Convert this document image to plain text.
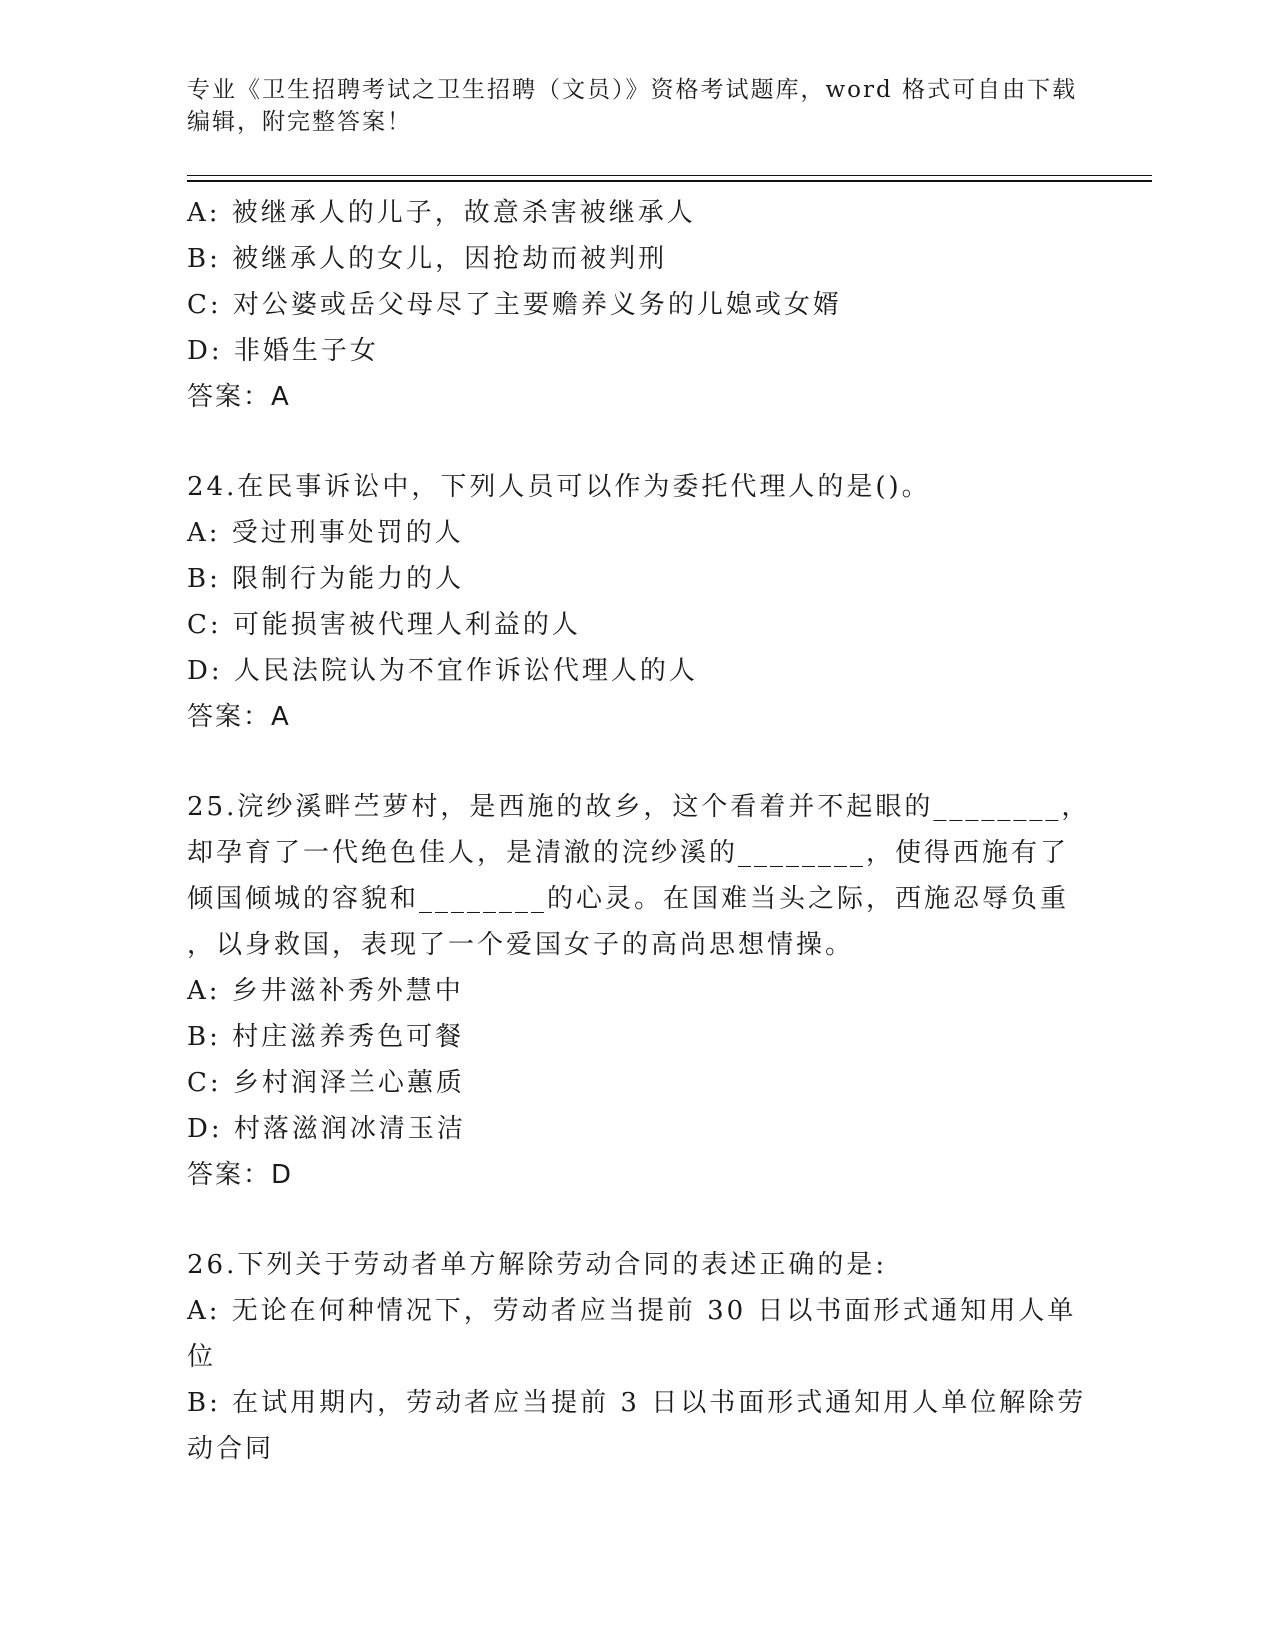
专业《卫生招聘考试之卫生招聘（文员）》资格考试题库，word 格式可自由下载
编辑，附完整答案！
A: 被继承人的儿子，故意杀害被继承人
B: 被继承人的女儿，因抢劫而被判刑
C: 对公婆或岳父母尽了主要赡养义务的儿媳或女婿
D: 非婚生子女
答案：A
24.在民事诉讼中，下列人员可以作为委托代理人的是()。
A: 受过刑事处罚的人
B: 限制行为能力的人
C: 可能损害被代理人利益的人
D: 人民法院认为不宜作诉讼代理人的人
答案：A
25.浣纱溪畔苎萝村，是西施的故乡，这个看着并不起眼的________，
却孕育了一代绝色佳人，是清澈的浣纱溪的________，使得西施有了
倾国倾城的容貌和________的心灵。在国难当头之际，西施忍辱负重
，以身救国，表现了一个爱国女子的高尚思想情操。
A: 乡井滋补秀外慧中
B: 村庄滋养秀色可餐
C: 乡村润泽兰心蕙质
D: 村落滋润冰清玉洁
答案：D
26.下列关于劳动者单方解除劳动合同的表述正确的是:
A: 无论在何种情况下，劳动者应当提前 30 日以书面形式通知用人单
位
B: 在试用期内，劳动者应当提前 3 日以书面形式通知用人单位解除劳
动合同
